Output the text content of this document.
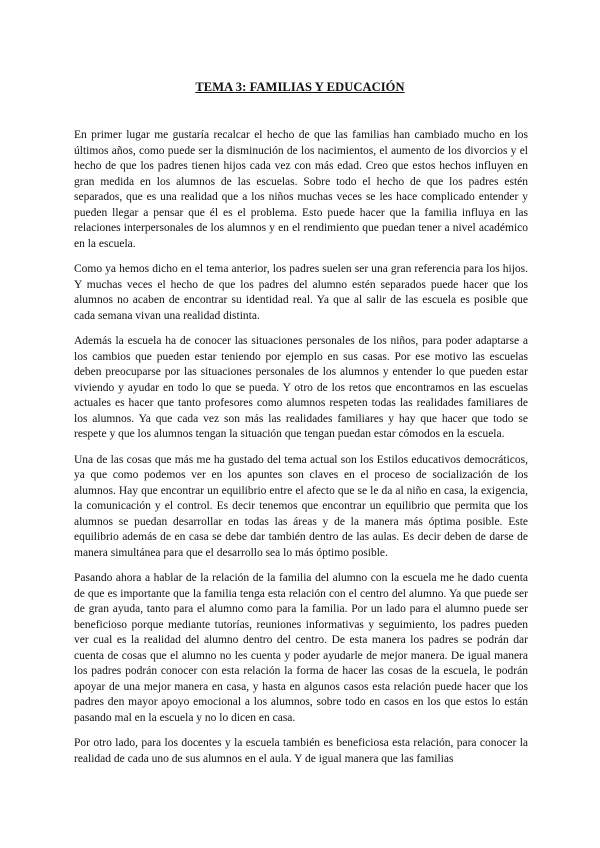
TEMA 3: FAMILIAS Y EDUCACIÓN

En primer lugar me gustaría recalcar el hecho de que las familias han cambiado mucho en los últimos años, como puede ser la disminución de los nacimientos, el aumento de los divorcios y el hecho de que los padres tienen hijos cada vez con más edad. Creo que estos hechos influyen en gran medida en los alumnos de las escuelas. Sobre todo el hecho de que los padres estén separados, que es una realidad que a los niños muchas veces se les hace complicado entender y pueden llegar a pensar que él es el problema. Esto puede hacer que la familia influya en las relaciones interpersonales de los alumnos y en el rendimiento que puedan tener a nivel académico en la escuela.

Como ya hemos dicho en el tema anterior, los padres suelen ser una gran referencia para los hijos. Y muchas veces el hecho de que los padres del alumno estén separados puede hacer que los alumnos no acaben de encontrar su identidad real. Ya que al salir de las escuela es posible que cada semana vivan una realidad distinta.

Además la escuela ha de conocer las situaciones personales de los niños, para poder adaptarse a los cambios que pueden estar teniendo por ejemplo en sus casas. Por ese motivo las escuelas deben preocuparse por las situaciones personales de los alumnos y entender lo que pueden estar viviendo y ayudar en todo lo que se pueda. Y otro de los retos que encontramos en las escuelas actuales es hacer que tanto profesores como alumnos respeten todas las realidades familiares de los alumnos. Ya que cada vez son más las realidades familiares y hay que hacer que todo se respete y que los alumnos tengan la situación que tengan puedan estar cómodos en la escuela.

Una de las cosas que más me ha gustado del tema actual son los Estilos educativos democráticos, ya que como podemos ver en los apuntes son claves en el proceso de socialización de los alumnos. Hay que encontrar un equilibrio entre el afecto que se le da al niño en casa, la exigencia, la comunicación y el control. Es decir tenemos que encontrar un equilibrio que permita que los alumnos se puedan desarrollar en todas las áreas y de la manera más óptima posible. Este equilibrio además de en casa se debe dar también dentro de las aulas. Es decir deben de darse de manera simultánea para que el desarrollo sea lo más óptimo posible.

Pasando ahora a hablar de la relación de la familia del alumno con la escuela me he dado cuenta de que es importante que la familia tenga esta relación con el centro del alumno. Ya que puede ser de gran ayuda, tanto para el alumno como para la familia. Por un lado para el alumno puede ser beneficioso porque mediante tutorías, reuniones informativas y seguimiento, los padres pueden ver cual es la realidad del alumno dentro del centro. De esta manera los padres se podrán dar cuenta de cosas que el alumno no les cuenta y poder ayudarle de mejor manera. De igual manera los padres podrán conocer con esta relación la forma de hacer las cosas de la escuela, le podrán apoyar de una mejor manera en casa, y hasta en algunos casos esta relación puede hacer que los padres den mayor apoyo emocional a los alumnos, sobre todo en casos en los que estos lo están pasando mal en la escuela y no lo dicen en casa.

Por otro lado, para los docentes y la escuela también es beneficiosa esta relación, para conocer la realidad de cada uno de sus alumnos en el aula. Y de igual manera que las familias
